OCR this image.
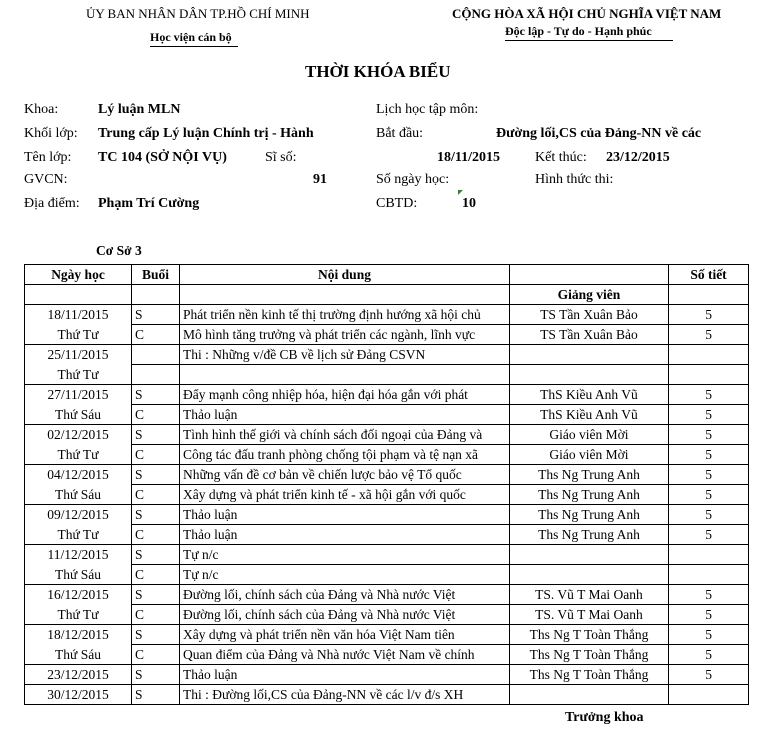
ỦY BAN NHÂN DÂN TP.HỒ CHÍ MINH
Học viện cán bộ
CỘNG HÒA XÃ HỘI CHỦ NGHĨA VIỆT NAM
Độc lập - Tự do - Hạnh phúc
THỜI KHÓA BIỂU
Khoa:	Lý luận MLN
Khối lớp: Trung cấp Lý luận Chính trị - Hành
Tên lớp: TC 104 (SỞ NỘI VỤ)	Sĩ số:
GVCN:	91
Địa điểm: Phạm Trí Cường
Lịch học tập môn:
Bắt đầu:	Đường lối,CS của Đảng-NN về các
18/11/2015 Kết thúc: 23/12/2015
Số ngày học:	Hình thức thi:
CBTD:	10
Cơ Sở 3
Ngày học	Buổi	Nội dung		Số tiết
			Giảng viên	
18/11/2015	S	Phát triển nền kinh tế thị trường định hướng xã hội chủ	TS Tần Xuân Bảo	5
Thứ Tư	C	Mô hình tăng trưởng và phát triển các ngành, lĩnh vực	TS Tần Xuân Bảo	5
25/11/2015		Thi : Những v/đề CB về lịch sử Đảng CSVN		
Thứ Tư				
27/11/2015	S	Đẩy mạnh công nhiệp hóa, hiện đại hóa gắn với phát	ThS Kiều Anh Vũ	5
Thứ Sáu	C	Thảo luận	ThS Kiều Anh Vũ	5
02/12/2015	S	Tình hình thế giới và chính sách đối ngoại của Đảng và	Giáo viên Mời	5
Thứ Tư	C	Công tác đấu tranh phòng chống tội phạm và tệ nạn xã	Giáo viên Mời	5
04/12/2015	S	Những vấn đề cơ bản về chiến lược bảo vệ Tổ quốc	Ths Ng Trung Anh	5
Thứ Sáu	C	Xây dựng và phát triển kinh tế - xã hội gắn với quốc	Ths Ng Trung Anh	5
09/12/2015	S	Thảo luận	Ths Ng Trung Anh	5
Thứ Tư	C	Thảo luận	Ths Ng Trung Anh	5
11/12/2015	S	Tự n/c		
Thứ Sáu	C	Tự n/c		
16/12/2015	S	Đường lối, chính sách của Đảng và Nhà nước Việt	TS. Vũ T Mai Oanh	5
Thứ Tư	C	Đường lối, chính sách của Đảng và Nhà nước Việt	TS. Vũ T Mai Oanh	5
18/12/2015	S	Xây dựng và phát triển nền văn hóa Việt Nam tiên	Ths Ng T Toàn Thắng	5
Thứ Sáu	C	Quan điểm của Đảng và Nhà nước Việt Nam về chính	Ths Ng T Toàn Thắng	5
23/12/2015	S	Thảo luận	Ths Ng T Toàn Thắng	5
30/12/2015	S	Thi : Đường lối,CS của Đảng-NN về các l/v đ/s XH		
Trưởng khoa
